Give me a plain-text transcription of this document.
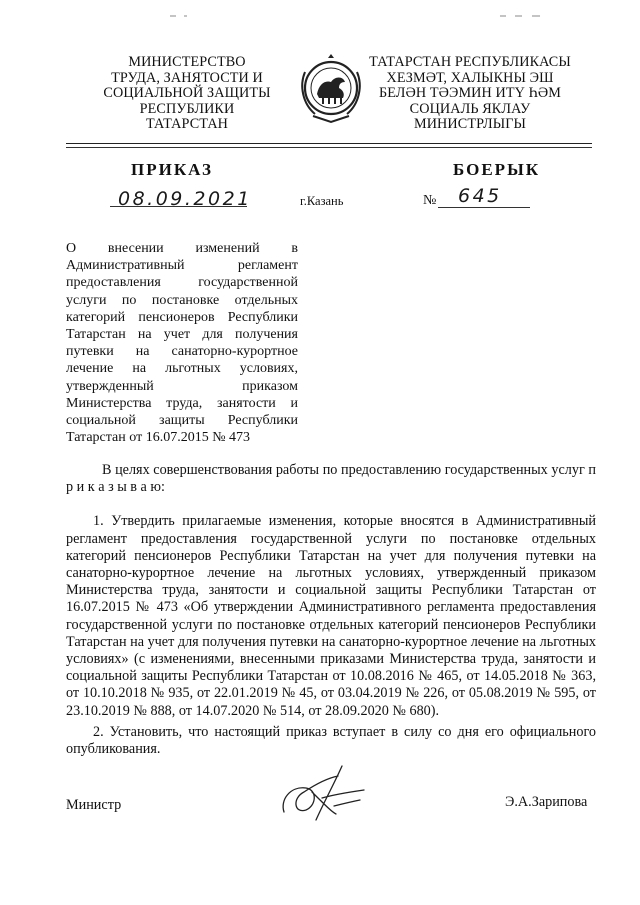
МИНИСТЕРСТВО
ТРУДА, ЗАНЯТОСТИ И
СОЦИАЛЬНОЙ ЗАЩИТЫ
РЕСПУБЛИКИ
ТАТАРСТАН
ТАТАРСТАН РЕСПУБЛИКАСЫ
ХЕЗМӘТ, ХАЛЫКНЫ ЭШ
БЕЛӘН ТӘЭМИН ИТҮ ҺӘМ
СОЦИАЛЬ ЯКЛАУ
МИНИСТРЛЫГЫ
ПРИКАЗ	БОЕРЫК
08.09.2021	г.Казань	№ 645
О внесении изменений в Административный регламент предоставления государственной услуги по постановке отдельных категорий пенсионеров Республики Татарстан на учет для получения путевки на санаторно-курортное лечение на льготных условиях, утвержденный приказом Министерства труда, занятости и социальной защиты Республики Татарстан от 16.07.2015 № 473

В целях совершенствования работы по предоставлению государственных услуг п р и к а з ы в а ю:

1. Утвердить прилагаемые изменения, которые вносятся в Административный регламент предоставления государственной услуги по постановке отдельных категорий пенсионеров Республики Татарстан на учет для получения путевки на санаторно-курортное лечение на льготных условиях, утвержденный приказом Министерства труда, занятости и социальной защиты Республики Татарстан от 16.07.2015 № 473 «Об утверждении Административного регламента предоставления государственной услуги по постановке отдельных категорий пенсионеров Республики Татарстан на учет для получения путевки на санаторно-курортное лечение на льготных условиях» (с изменениями, внесенными приказами Министерства труда, занятости и социальной защиты Республики Татарстан от 10.08.2016 № 465, от 14.05.2018 № 363, от 10.10.2018 № 935, от 22.01.2019 № 45, от 03.04.2019 № 226, от 05.08.2019 № 595, от 23.10.2019 № 888, от 14.07.2020 № 514, от 28.09.2020 № 680).

2. Установить, что настоящий приказ вступает в силу со дня его официального опубликования.

Министр	Э.А.Зарипова
